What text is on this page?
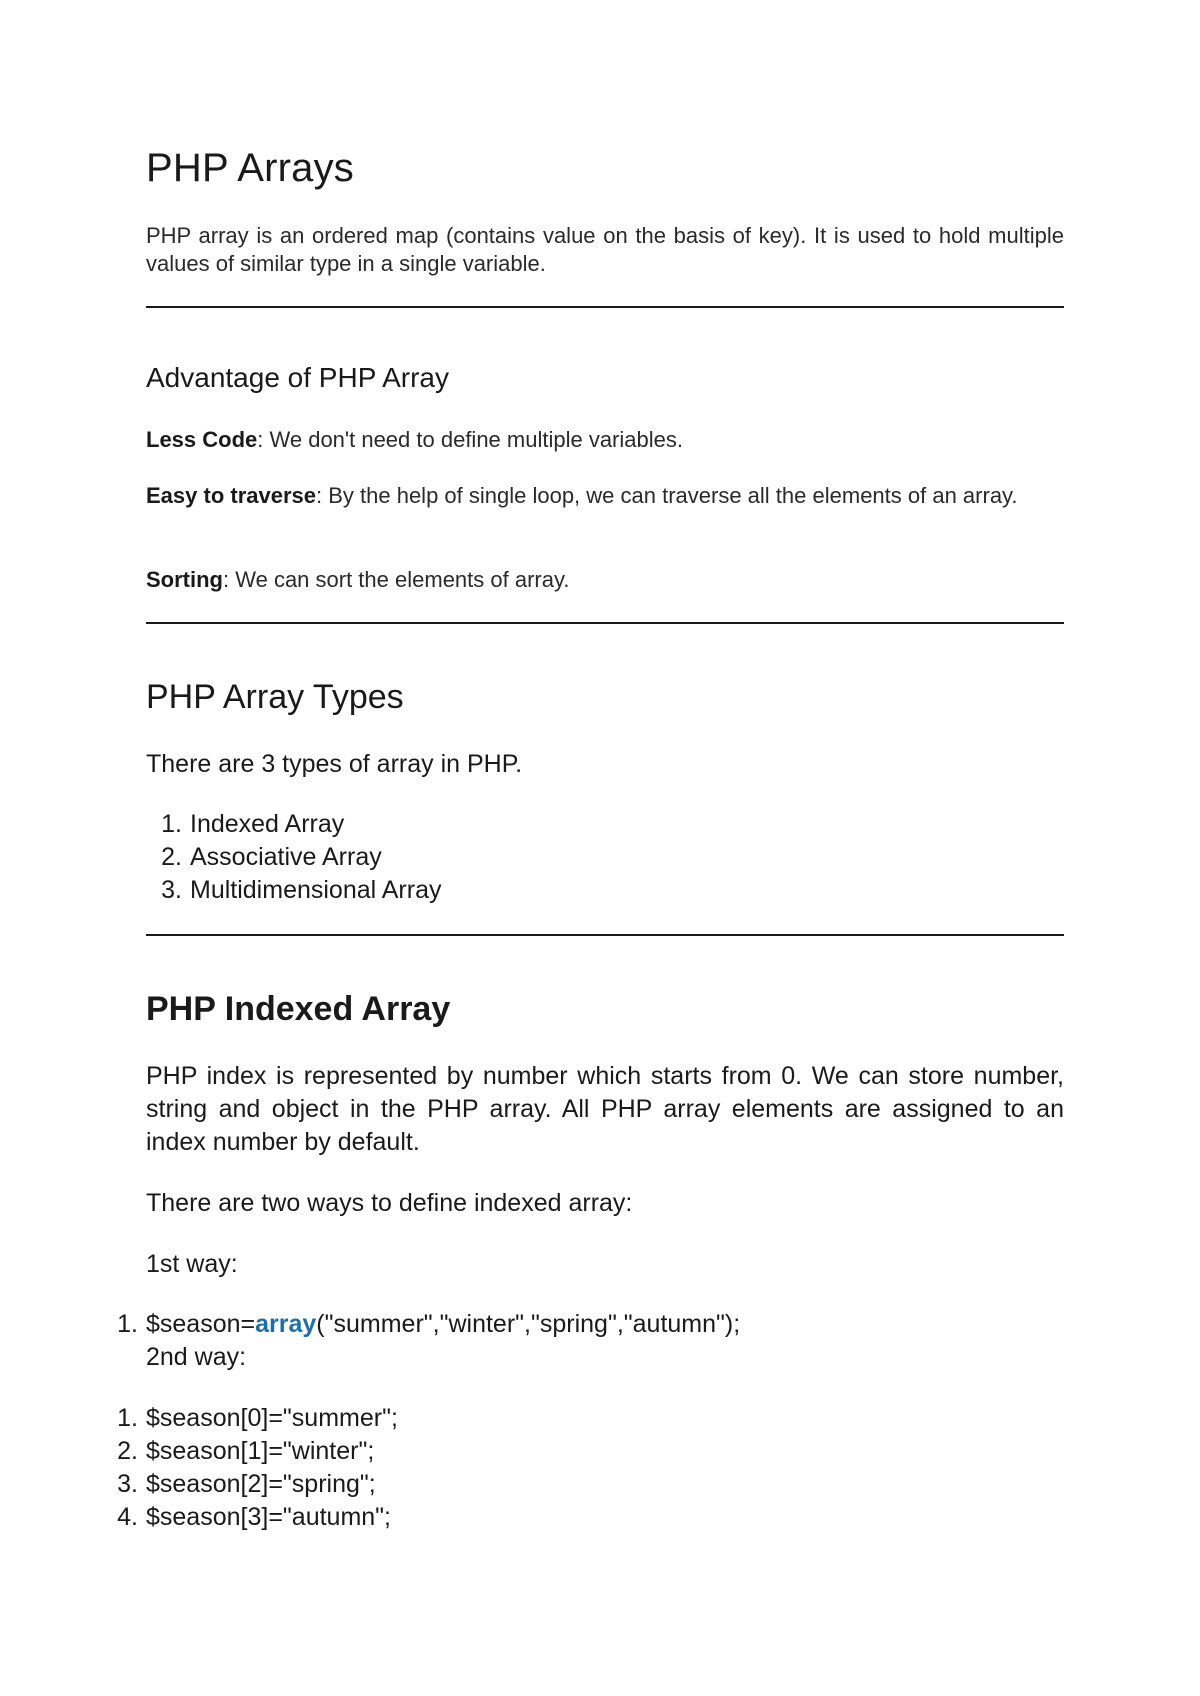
PHP Arrays

PHP array is an ordered map (contains value on the basis of key). It is used to hold multiple values of similar type in a single variable.

Advantage of PHP Array

Less Code: We don't need to define multiple variables.

Easy to traverse: By the help of single loop, we can traverse all the elements of an array.

Sorting: We can sort the elements of array.

PHP Array Types

There are 3 types of array in PHP.

1. Indexed Array
2. Associative Array
3. Multidimensional Array
PHP Indexed Array

PHP index is represented by number which starts from 0. We can store number, string and object in the PHP array. All PHP array elements are assigned to an index number by default.

There are two ways to define indexed array:

1st way:

1. $season=array("summer","winter","spring","autumn");

2nd way:

1. $season[0]="summer";
2. $season[1]="winter";
3. $season[2]="spring";
4. $season[3]="autumn";
